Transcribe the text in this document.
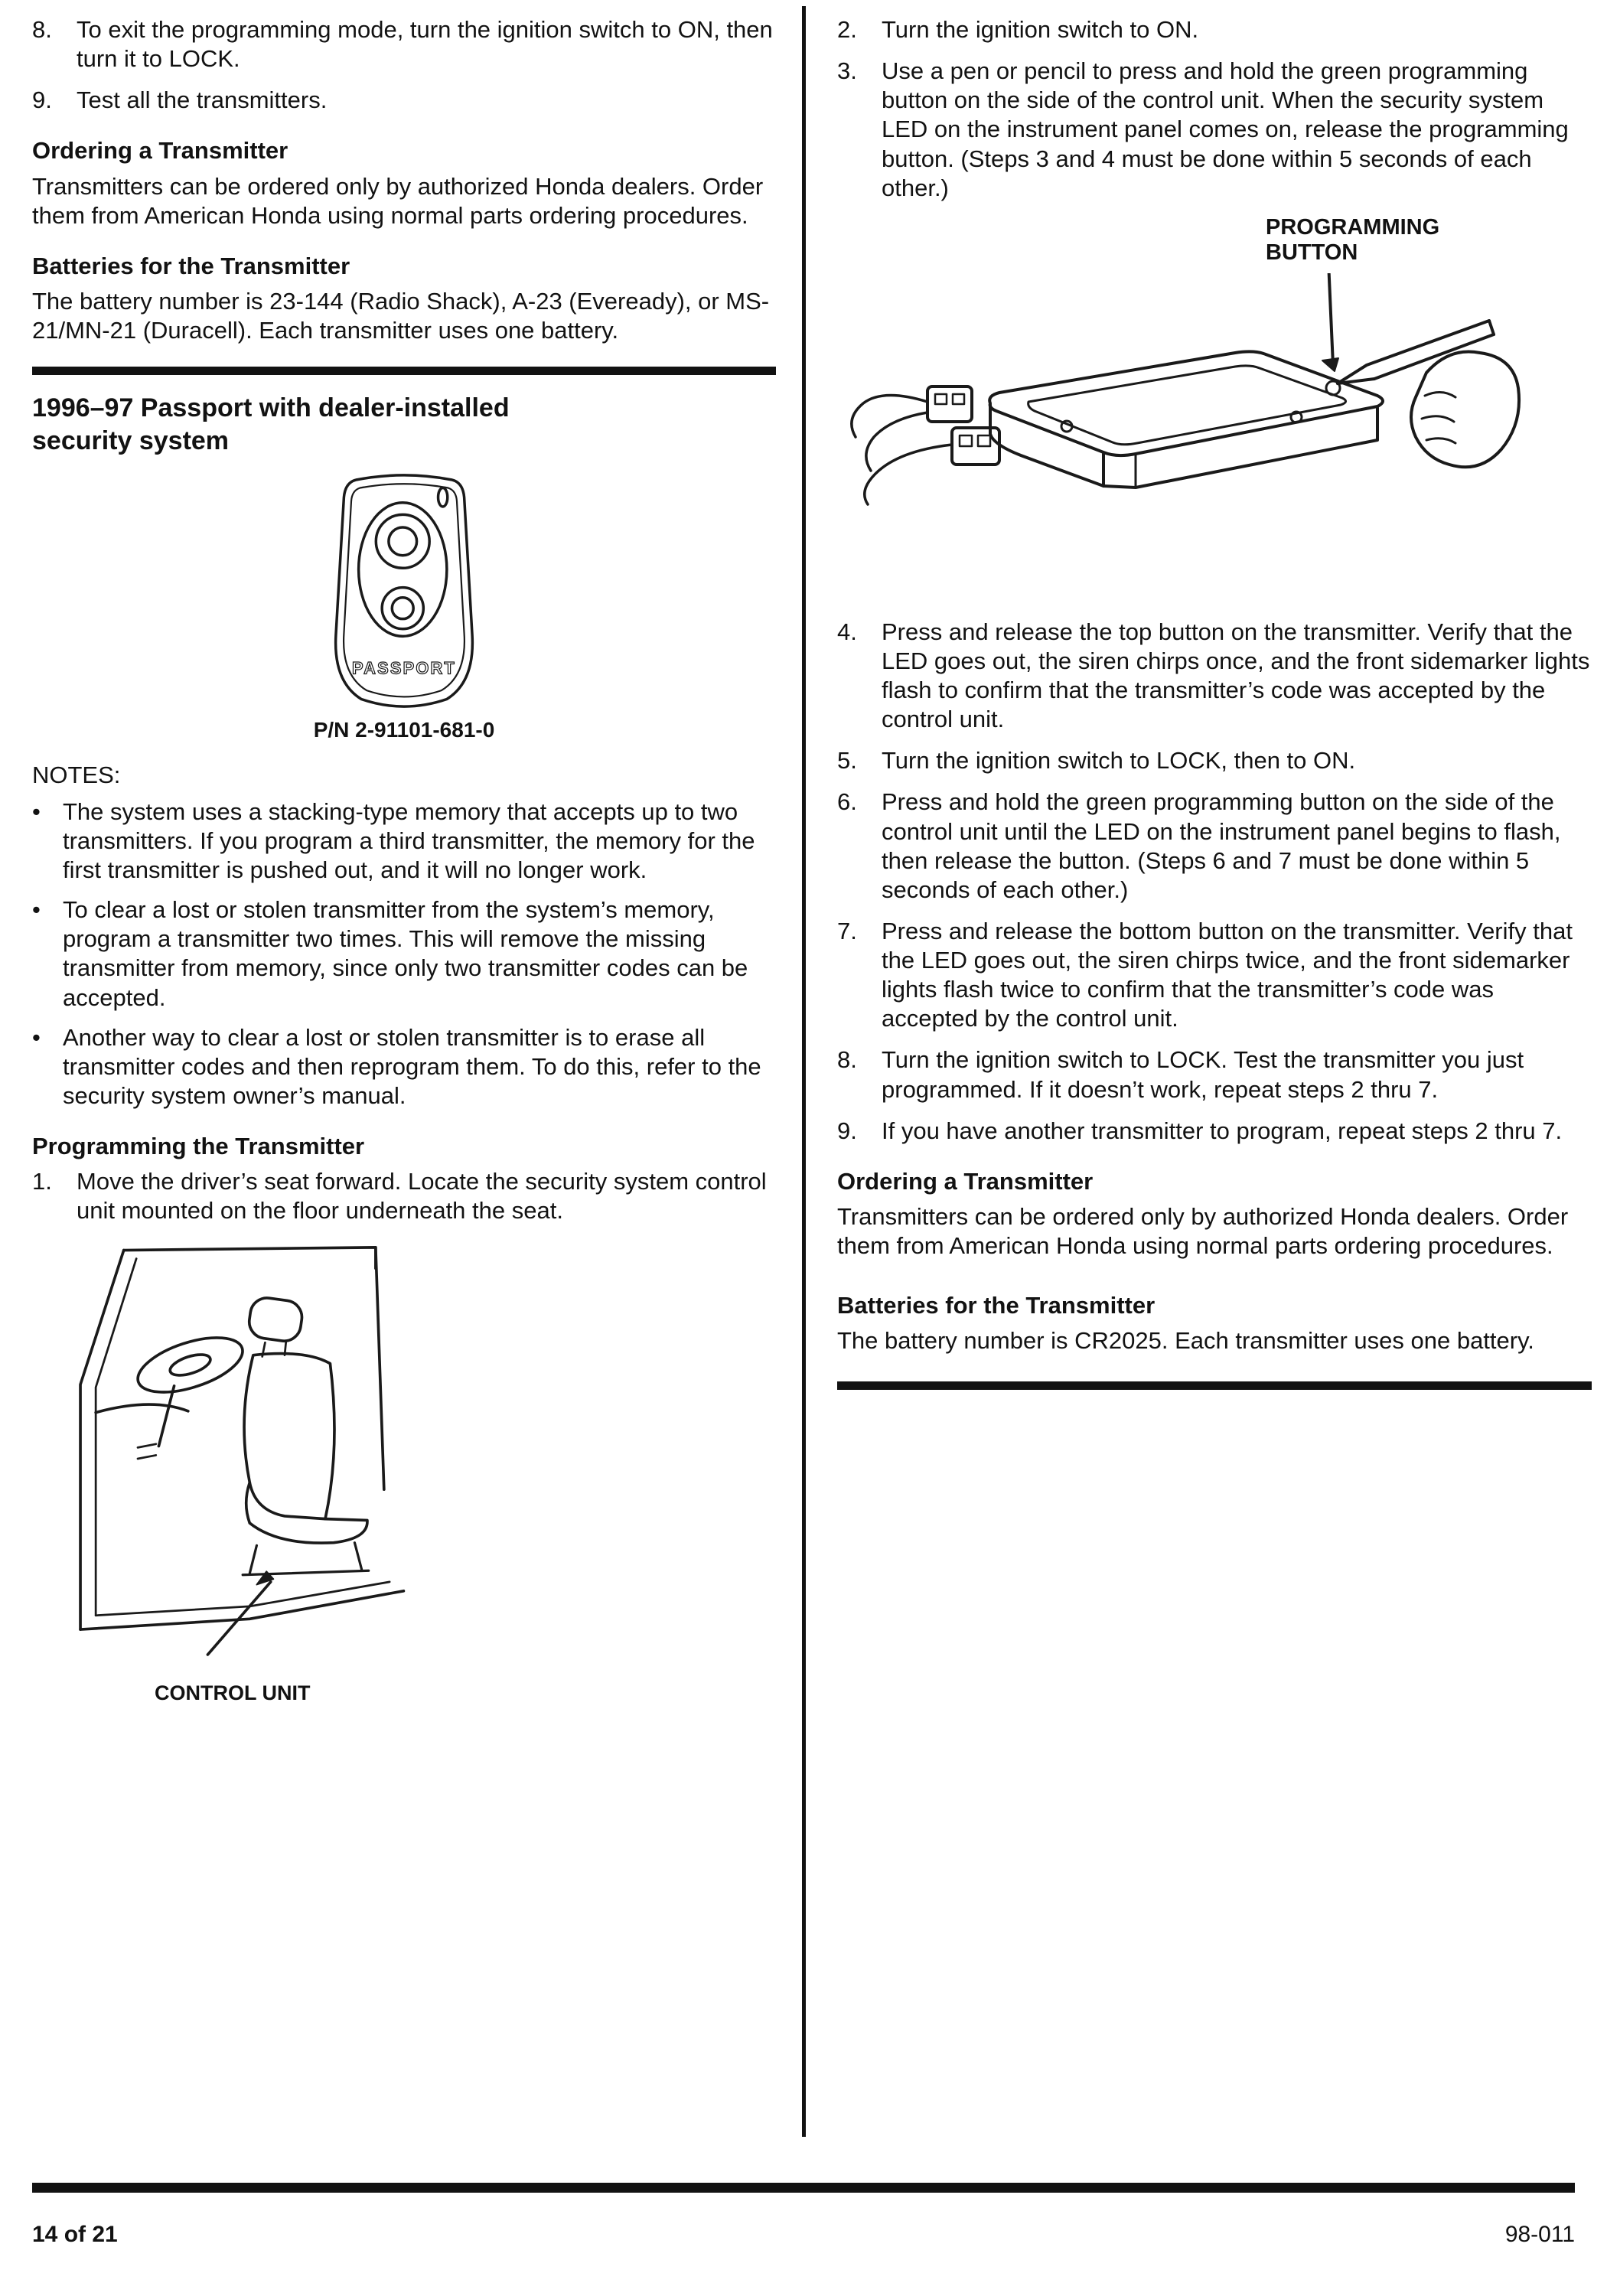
8.	To exit the programming mode, turn the ignition switch to ON, then turn it to LOCK.
9.	Test all the transmitters.
Ordering a Transmitter
Transmitters can be ordered only by authorized Honda dealers. Order them from American Honda using normal parts ordering procedures.
Batteries for the Transmitter
The battery number is 23-144 (Radio Shack), A-23 (Eveready), or MS-21/MN-21 (Duracell). Each transmitter uses one battery.
1996–97 Passport with dealer-installed security system
PASSPORT
P/N 2-91101-681-0
NOTES:
• The system uses a stacking-type memory that accepts up to two transmitters. If you program a third transmitter, the memory for the first transmitter is pushed out, and it will no longer work.
• To clear a lost or stolen transmitter from the system’s memory, program a transmitter two times. This will remove the missing transmitter from memory, since only two transmitter codes can be accepted.
• Another way to clear a lost or stolen transmitter is to erase all transmitter codes and then reprogram them. To do this, refer to the security system owner’s manual.
Programming the Transmitter
1.	Move the driver’s seat forward. Locate the security system control unit mounted on the floor underneath the seat.
CONTROL UNIT
2.	Turn the ignition switch to ON.
3.	Use a pen or pencil to press and hold the green programming button on the side of the control unit. When the security system LED on the instrument panel comes on, release the programming button. (Steps 3 and 4 must be done within 5 seconds of each other.)
PROGRAMMING BUTTON
4.	Press and release the top button on the transmitter. Verify that the LED goes out, the siren chirps once, and the front sidemarker lights flash to confirm that the transmitter’s code was accepted by the control unit.
5.	Turn the ignition switch to LOCK, then to ON.
6.	Press and hold the green programming button on the side of the control unit until the LED on the instrument panel begins to flash, then release the button. (Steps 6 and 7 must be done within 5 seconds of each other.)
7.	Press and release the bottom button on the transmitter. Verify that the LED goes out, the siren chirps twice, and the front sidemarker lights flash twice to confirm that the transmitter’s code was accepted by the control unit.
8.	Turn the ignition switch to LOCK. Test the transmitter you just programmed. If it doesn’t work, repeat steps 2 thru 7.
9.	If you have another transmitter to program, repeat steps 2 thru 7.
Ordering a Transmitter
Transmitters can be ordered only by authorized Honda dealers. Order them from American Honda using normal parts ordering procedures.
Batteries for the Transmitter
The battery number is CR2025. Each transmitter uses one battery.
14 of 21	98-011
